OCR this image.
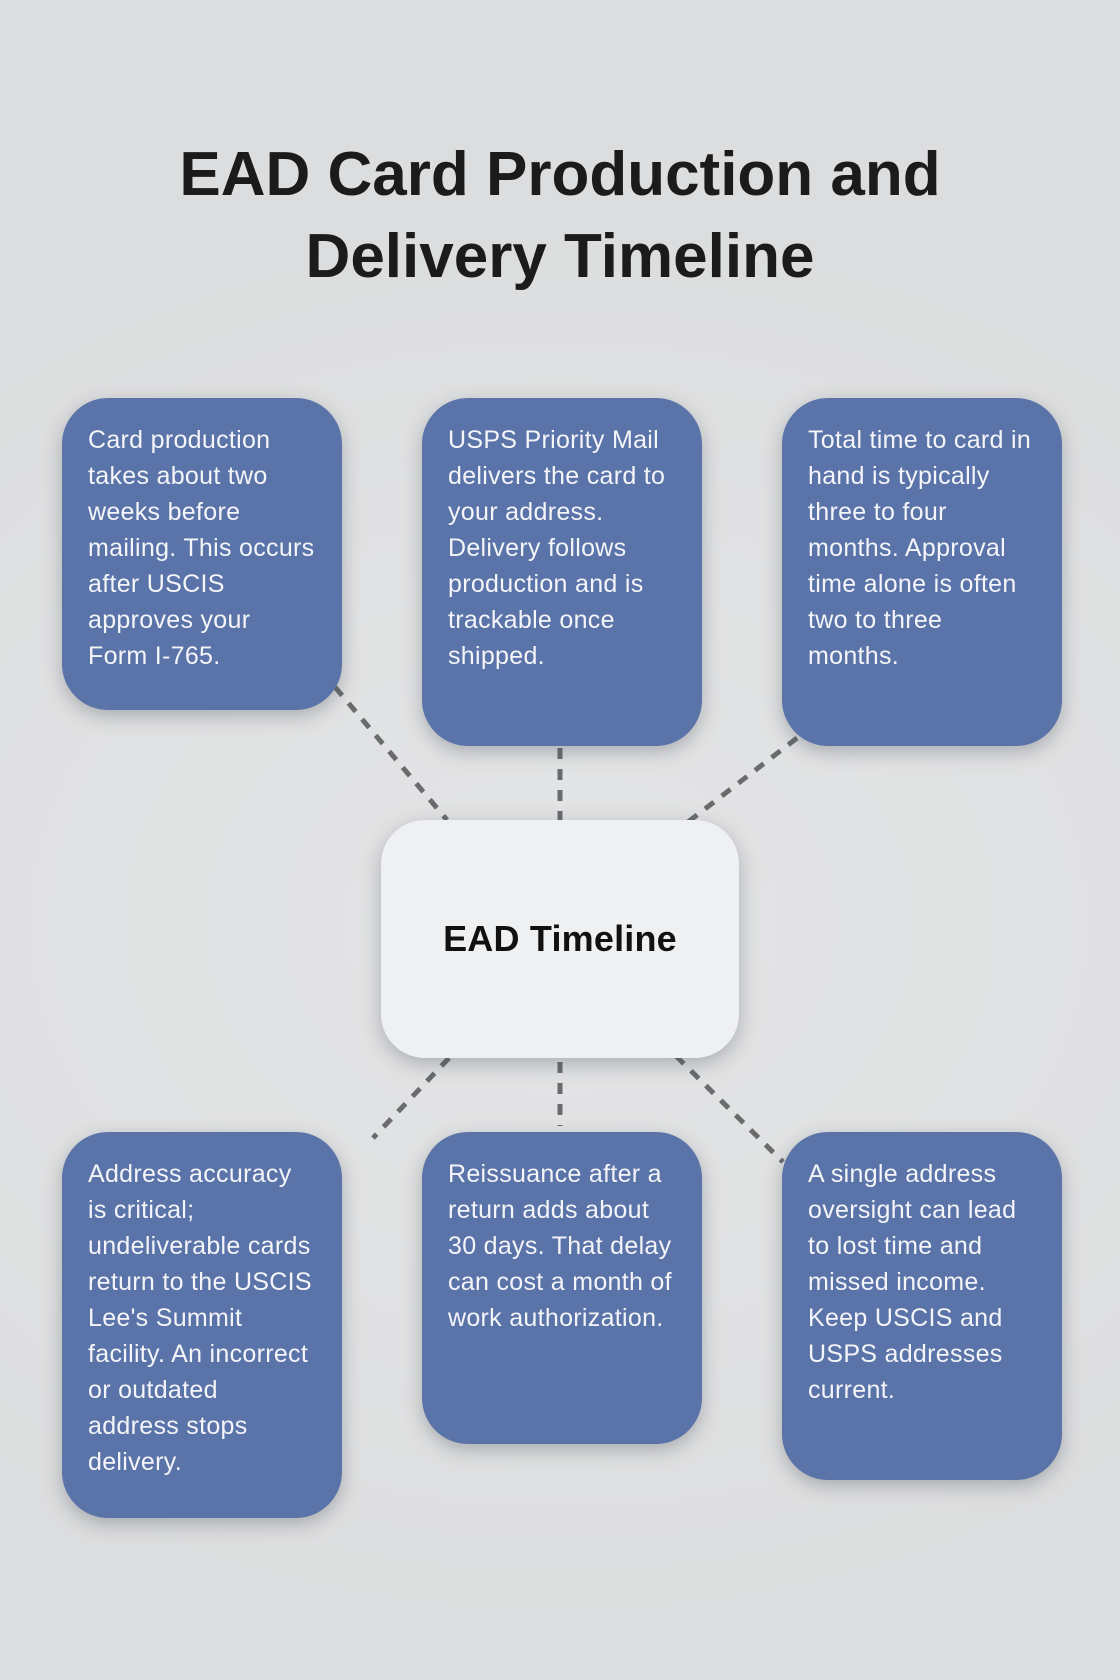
EAD Card Production and Delivery Timeline
Card production takes about two weeks before mailing. This occurs after USCIS approves your Form I-765.
USPS Priority Mail delivers the card to your address. Delivery follows production and is trackable once shipped.
Total time to card in hand is typically three to four months. Approval time alone is often two to three months.
EAD Timeline
Address accuracy is critical; undeliverable cards return to the USCIS Lee's Summit facility. An incorrect or outdated address stops delivery.
Reissuance after a return adds about 30 days. That delay can cost a month of work authorization.
A single address oversight can lead to lost time and missed income. Keep USCIS and USPS addresses current.
